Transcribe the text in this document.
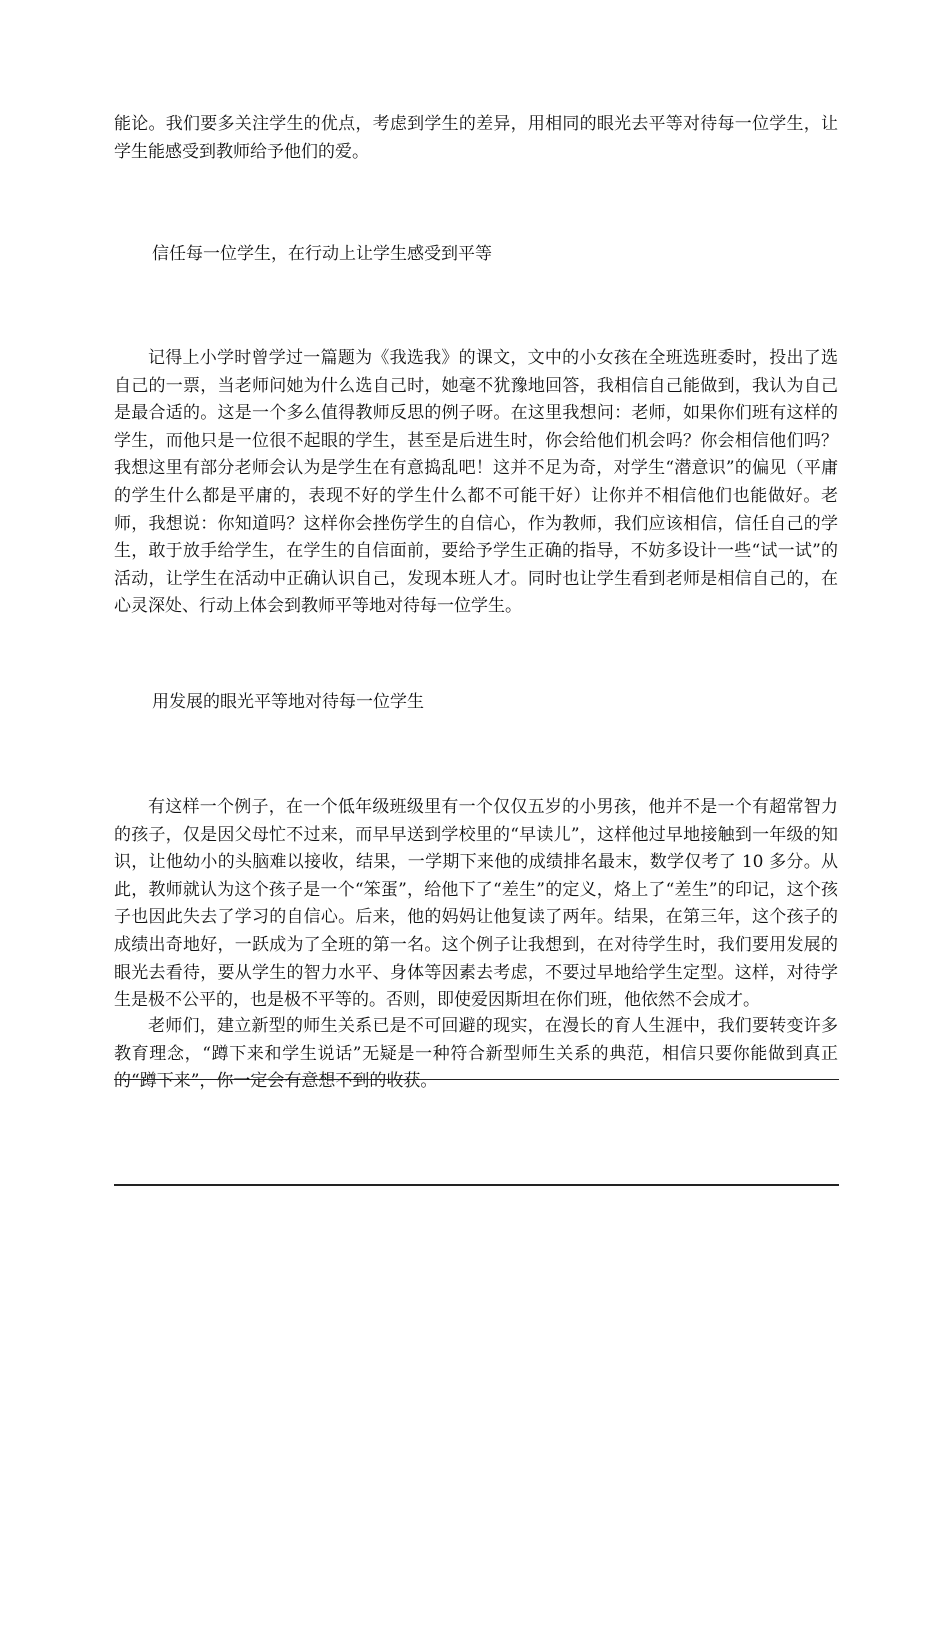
能论。我们要多关注学生的优点，考虑到学生的差异，用相同的眼光去平等对待每一位学生，让学生能感受到教师给予他们的爱。

信任每一位学生，在行动上让学生感受到平等

记得上小学时曾学过一篇题为《我选我》的课文，文中的小女孩在全班选班委时，投出了选自己的一票，当老师问她为什么选自己时，她毫不犹豫地回答，我相信自己能做到，我认为自己是最合适的。这是一个多么值得教师反思的例子呀。在这里我想问：老师，如果你们班有这样的学生，而他只是一位很不起眼的学生，甚至是后进生时，你会给他们机会吗？你会相信他们吗？我想这里有部分老师会认为是学生在有意捣乱吧！这并不足为奇，对学生“潜意识”的偏见（平庸的学生什么都是平庸的，表现不好的学生什么都不可能干好）让你并不相信他们也能做好。老师，我想说：你知道吗？这样你会挫伤学生的自信心，作为教师，我们应该相信，信任自己的学生，敢于放手给学生，在学生的自信面前，要给予学生正确的指导，不妨多设计一些“试一试”的活动，让学生在活动中正确认识自己，发现本班人才。同时也让学生看到老师是相信自己的，在心灵深处、行动上体会到教师平等地对待每一位学生。

用发展的眼光平等地对待每一位学生

有这样一个例子，在一个低年级班级里有一个仅仅五岁的小男孩，他并不是一个有超常智力的孩子，仅是因父母忙不过来，而早早送到学校里的“早读儿”，这样他过早地接触到一年级的知识，让他幼小的头脑难以接收，结果，一学期下来他的成绩排名最末，数学仅考了 10 多分。从此，教师就认为这个孩子是一个“笨蛋”，给他下了“差生”的定义，烙上了“差生”的印记，这个孩子也因此失去了学习的自信心。后来，他的妈妈让他复读了两年。结果，在第三年，这个孩子的成绩出奇地好，一跃成为了全班的第一名。这个例子让我想到，在对待学生时，我们要用发展的眼光去看待，要从学生的智力水平、身体等因素去考虑，不要过早地给学生定型。这样，对待学生是极不公平的，也是极不平等的。否则，即使爱因斯坦在你们班，他依然不会成才。

老师们，建立新型的师生关系已是不可回避的现实，在漫长的育人生涯中，我们要转变许多教育理念，“蹲下来和学生说话”无疑是一种符合新型师生关系的典范，相信只要你能做到真正的“蹲下来”，你一定会有意想不到的收获。
